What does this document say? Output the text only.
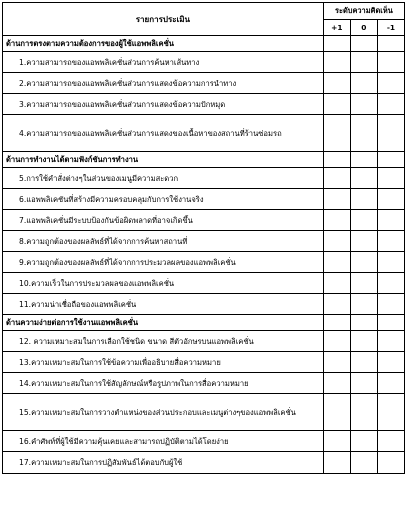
รายการประเมิน	ระดับความคิดเห็น		
	+1	0	-1
ด้านการตรงตามความต้องการของผู้ใช้แอพพลิเคชั่น			
1.ความสามารถของแอพพลิเคชั่นส่วนการค้นหาเส้นทาง			
2.ความสามารถของแอพพลิเคชั่นส่วนการแสดงข้อความการนำทาง			
3.ความสามารถของแอพพลิเคชั่นส่วนการแสดงข้อความปักหมุด			
4.ความสามารถของแอพพลิเคชั่นส่วนการแสดงของเนื้อหาของสถานที่ร้านซ่อมรถ			
ด้านการทำงานได้ตามฟังก์ชันการทำงาน			
5.การใช้คำสั่งต่างๆในส่วนของเมนูมีความสะดวก			
6.แอพพลิเคชันที่สร้างมีความครอบคลุมกับการใช้งานจริง			
7.แอพพลิเคชั่นมีระบบป้องกันข้อผิดพลาดที่อาจเกิดขึ้น			
8.ความถูกต้องของผลลัพธ์ที่ได้จากการค้นหาสถานที่			
9.ความถูกต้องของผลลัพธ์ที่ได้จากการประมวลผลของแอพพลิเคชั่น			
10.ความเร็วในการประมวลผลของแอพพลิเคชั่น			
11.ความน่าเชื่อถือของแอพพลิเคชั่น			
ด้านความง่ายต่อการใช้งานแอพพลิเคชั่น			
12. ความเหมาะสมในการเลือกใช้ชนิด ขนาด สีตัวอักษรบนแอพพลิเคชั่น			
13.ความเหมาะสมในการใช้ข้อความเพื่ออธิบายสื่อความหมาย			
14.ความเหมาะสมในการใช้สัญลักษณ์หรือรูปภาพในการสื่อความหมาย			
15.ความเหมาะสมในการวางตำแหน่งของส่วนประกอบและเมนูต่างๆของแอพพลิเคชั่น			
16.คำศัพท์ที่ผู้ใช้มีความคุ้นเคยและสามารถปฏิบัติตามได้โดยง่าย			
17.ความเหมาะสมในการปฏิสัมพันธ์ได้ตอบกับผู้ใช้			
